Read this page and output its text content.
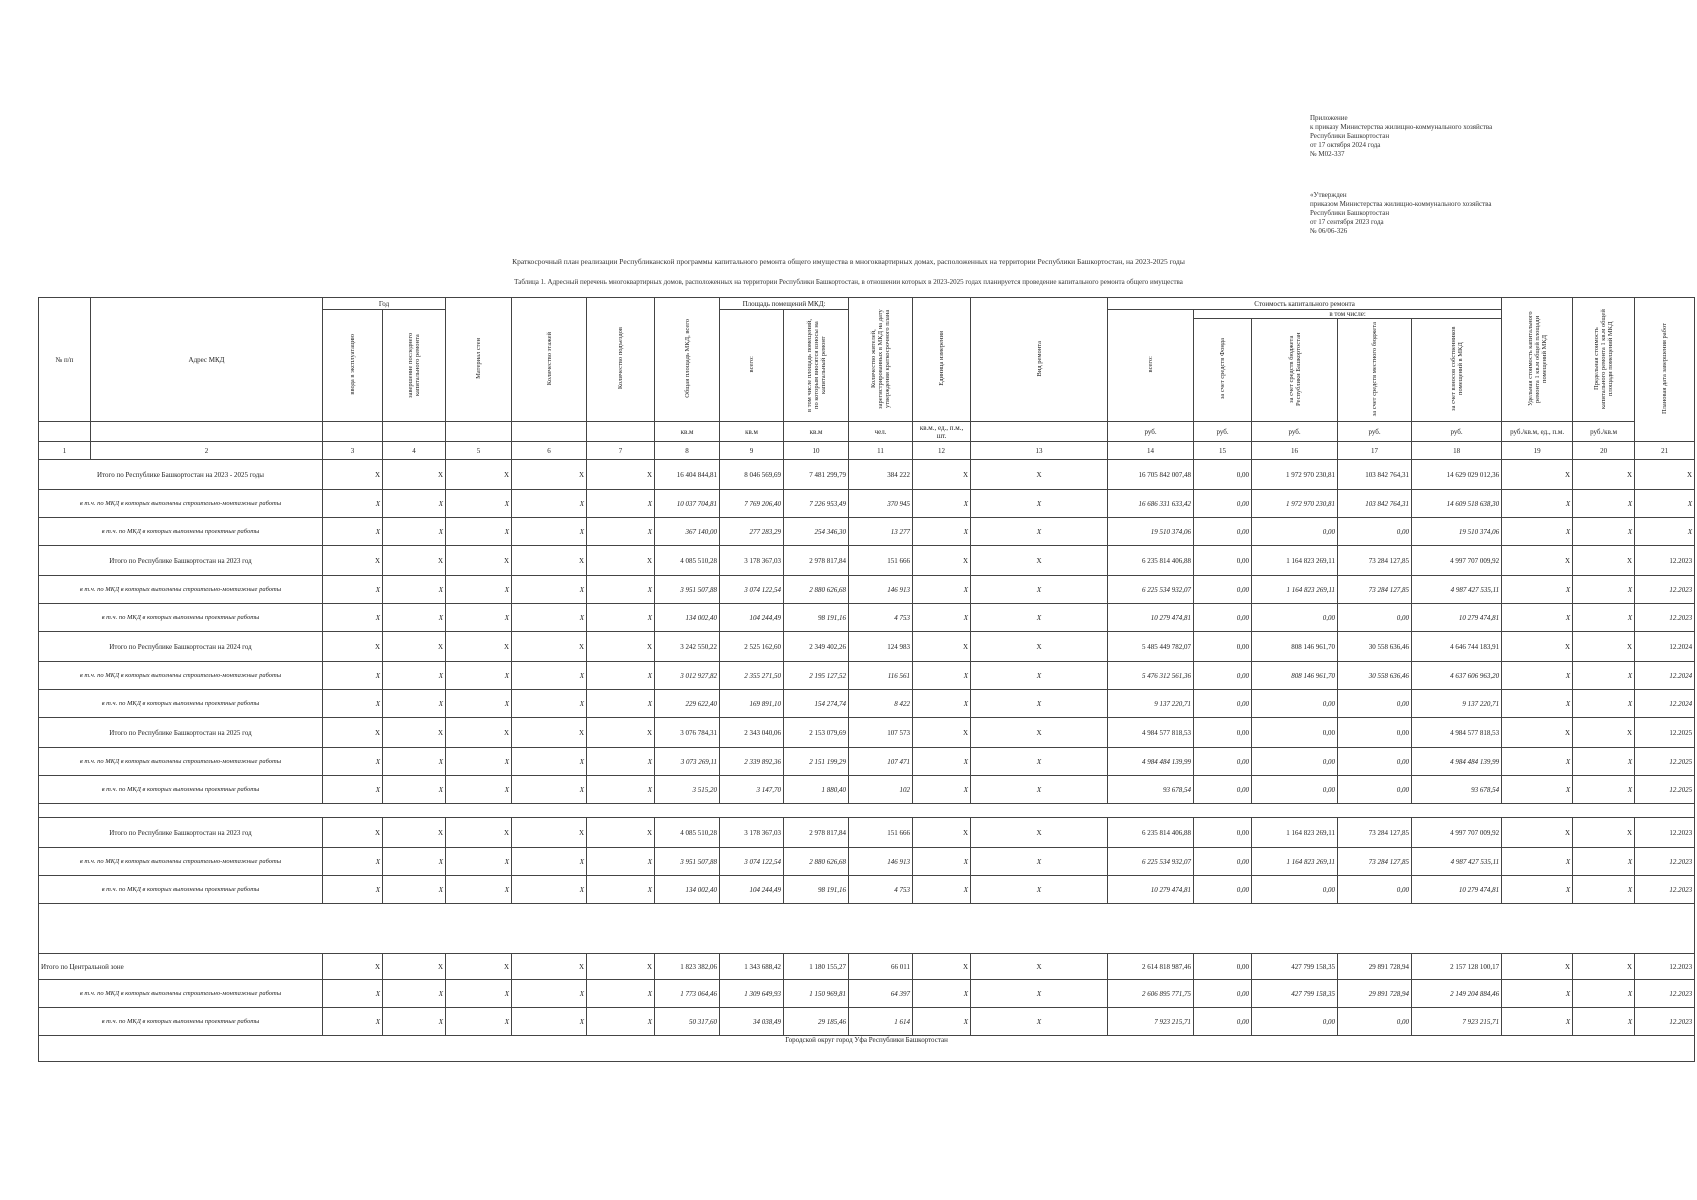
Приложение
к приказу Министерства жилищно-коммунального хозяйства
Республики Башкортостан
от 17 октября 2024 года
№ М02-337
«Утвержден
приказом Министерства жилищно-коммунального хозяйства
Республики Башкортостан
от 17 сентября 2023 года
№ 06/06-326
Краткосрочный план реализации Республиканской программы капитального ремонта общего имущества в многоквартирных домах, расположенных на территории Республики Башкортостан, на 2023-2025 годы
Таблица 1. Адресный перечень многоквартирных домов, расположенных на территории Республики Башкортостан, в отношении которых в 2023-2025 годах планируется проведение капитального ремонта общего имущества
№ п/п	Адрес МКД	Год		Материал стен	Количество этажей	Количество подъездов	Общая площадь МКД, всего	Площадь помещений МКД:		Количество жителей, зарегистрированных в МКД на дату утверждения краткосрочного плана	Единица измерения	Вид ремонта	Стоимость капитального ремонта					Удельная стоимость капитального ремонта 1 кв.м общей площади помещений МКД	Предельная стоимость капитального ремонта 1 кв.м общей площади помещений МКД	Плановая дата завершения работ
		ввода в эксплуатацию	завершение последнего капитального ремонта					всего:	в том числе площадь помещений, по которым вносятся взносы на капитальный ремонт				всего:	в том числе:						
														за счет средств Фонда	за счет средств бюджета Республики Башкортостан	за счет средств местного бюджета	за счет взносов собственников помещений в МКД			
							кв.м	кв.м	кв.м	чел.	кв.м., ед., п.м., шт.		руб.	руб.	руб.	руб.	руб.	руб./кв.м, ед., п.м.	руб./кв.м	
1	2	3	4	5	6	7	8	9	10	11	12	13	14	15	16	17	18	19	20	21
Итого по Республике Башкортостан на 2023 - 2025 годы		X	X	X	X	X	16 404 844,81	8 046 569,69	7 481 299,79	384 222	X	X	16 705 842 007,48	0,00	1 972 970 230,81	103 842 764,31	14 629 029 012,36	X	X	X
в т.ч. по МКД в которых выполнены строительно-монтажные работы		X	X	X	X	X	10 037 704,81	7 769 206,40	7 226 953,49	370 945	X	X	16 686 331 633,42	0,00	1 972 970 230,81	103 842 764,31	14 609 518 638,30	X	X	X
в т.ч. по МКД в которых выполнены проектные работы		X	X	X	X	X	367 140,00	277 283,29	254 346,30	13 277	X	X	19 510 374,06	0,00	0,00	0,00	19 510 374,06	X	X	X
Итого по Республике Башкортостан на 2023 год		X	X	X	X	X	4 085 510,28	3 178 367,03	2 978 817,84	151 666	X	X	6 235 814 406,88	0,00	1 164 823 269,11	73 284 127,85	4 997 707 009,92	X	X	12.2023
в т.ч. по МКД в которых выполнены строительно-монтажные работы		X	X	X	X	X	3 951 507,88	3 074 122,54	2 880 626,68	146 913	X	X	6 225 534 932,07	0,00	1 164 823 269,11	73 284 127,85	4 987 427 535,11	X	X	12.2023
в т.ч. по МКД в которых выполнены проектные работы		X	X	X	X	X	134 002,40	104 244,49	98 191,16	4 753	X	X	10 279 474,81	0,00	0,00	0,00	10 279 474,81	X	X	12.2023
Итого по Республике Башкортостан на 2024 год		X	X	X	X	X	3 242 550,22	2 525 162,60	2 349 402,26	124 983	X	X	5 485 449 782,07	0,00	808 146 961,70	30 558 636,46	4 646 744 183,91	X	X	12.2024
в т.ч. по МКД в которых выполнены строительно-монтажные работы		X	X	X	X	X	3 012 927,82	2 355 271,50	2 195 127,52	116 561	X	X	5 476 312 561,36	0,00	808 146 961,70	30 558 636,46	4 637 606 963,20	X	X	12.2024
в т.ч. по МКД в которых выполнены проектные работы		X	X	X	X	X	229 622,40	169 891,10	154 274,74	8 422	X	X	9 137 220,71	0,00	0,00	0,00	9 137 220,71	X	X	12.2024
Итого по Республике Башкортостан на 2025 год		X	X	X	X	X	3 076 784,31	2 343 040,06	2 153 079,69	107 573	X	X	4 984 577 818,53	0,00	0,00	0,00	4 984 577 818,53	X	X	12.2025
в т.ч. по МКД в которых выполнены строительно-монтажные работы		X	X	X	X	X	3 073 269,11	2 339 892,36	2 151 199,29	107 471	X	X	4 984 484 139,99	0,00	0,00	0,00	4 984 484 139,99	X	X	12.2025
в т.ч. по МКД в которых выполнены проектные работы		X	X	X	X	X	3 515,20	3 147,70	1 880,40	102	X	X	93 678,54	0,00	0,00	0,00	93 678,54	X	X	12.2025

Итого по Республике Башкортостан на 2023 год		X	X	X	X	X	4 085 510,28	3 178 367,03	2 978 817,84	151 666	X	X	6 235 814 406,88	0,00	1 164 823 269,11	73 284 127,85	4 997 707 009,92	X	X	12.2023
в т.ч. по МКД в которых выполнены строительно-монтажные работы		X	X	X	X	X	3 951 507,88	3 074 122,54	2 880 626,68	146 913	X	X	6 225 534 932,07	0,00	1 164 823 269,11	73 284 127,85	4 987 427 535,11	X	X	12.2023
в т.ч. по МКД в которых выполнены проектные работы		X	X	X	X	X	134 002,40	104 244,49	98 191,16	4 753	X	X	10 279 474,81	0,00	0,00	0,00	10 279 474,81	X	X	12.2023

Итого по Центральной зоне		X	X	X	X	X	1 823 382,06	1 343 688,42	1 180 155,27	66 011	X	X	2 614 818 987,46	0,00	427 799 158,35	29 891 728,94	2 157 128 100,17	X	X	12.2023
в т.ч. по МКД в которых выполнены строительно-монтажные работы		X	X	X	X	X	1 773 064,46	1 309 649,93	1 150 969,81	64 397	X	X	2 606 895 771,75	0,00	427 799 158,35	29 891 728,94	2 149 204 884,46	X	X	12.2023
в т.ч. по МКД в которых выполнены проектные работы		X	X	X	X	X	50 317,60	34 038,49	29 185,46	1 614	X	X	7 923 215,71	0,00	0,00	0,00	7 923 215,71	X	X	12.2023
Городской округ город Уфа Республики Башкортостан																				
